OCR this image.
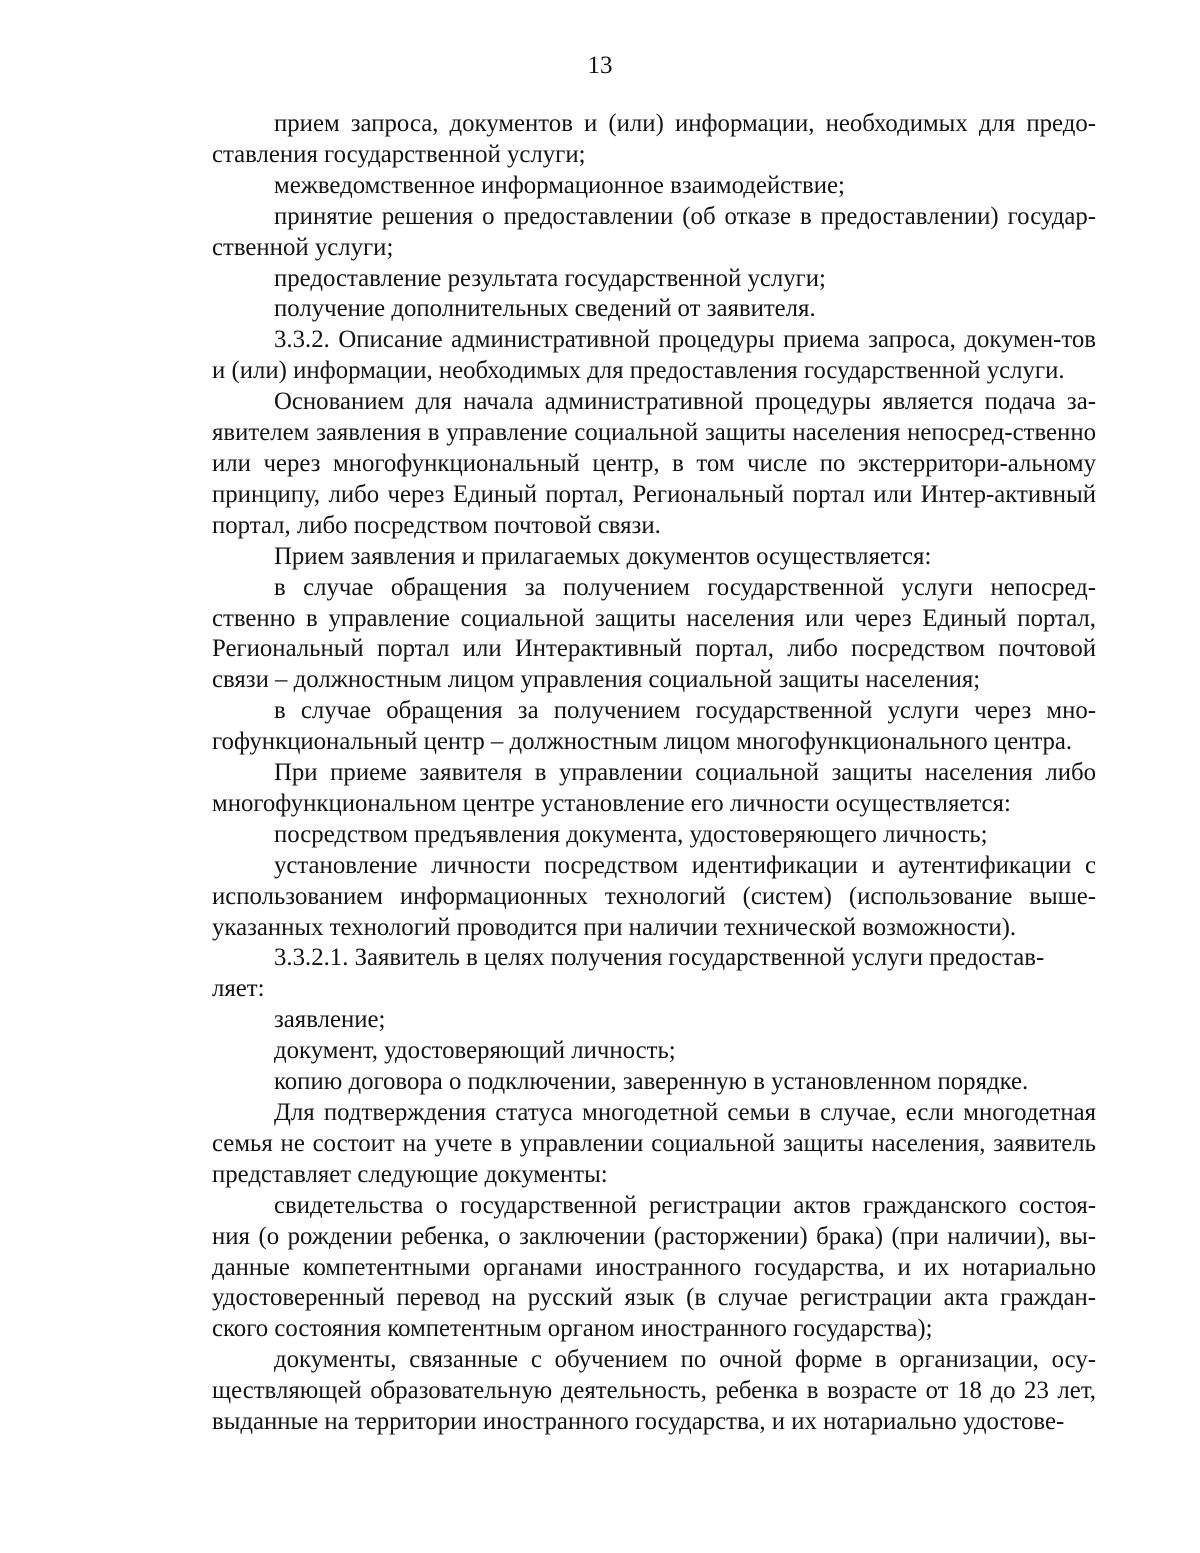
13

прием запроса, документов и (или) информации, необходимых для предо-ставления государственной услуги;

межведомственное информационное взаимодействие;

принятие решения о предоставлении (об отказе в предоставлении) государ-ственной услуги;

предоставление результата государственной услуги;

получение дополнительных сведений от заявителя.

3.3.2. Описание административной процедуры приема запроса, докумен-тов и (или) информации, необходимых для предоставления государственной услуги.

Основанием для начала административной процедуры является подача за-явителем заявления в управление социальной защиты населения непосред-ственно или через многофункциональный центр, в том числе по экстерритори-альному принципу, либо через Единый портал, Региональный портал или Интер-активный портал, либо посредством почтовой связи.

Прием заявления и прилагаемых документов осуществляется:

в случае обращения за получением государственной услуги непосред-ственно в управление социальной защиты населения или через Единый портал, Региональный портал или Интерактивный портал, либо посредством почтовой связи – должностным лицом управления социальной защиты населения;

в случае обращения за получением государственной услуги через мно-гофункциональный центр – должностным лицом многофункционального центра.

При приеме заявителя в управлении социальной защиты населения либо многофункциональном центре установление его личности осуществляется:

посредством предъявления документа, удостоверяющего личность;

установление личности посредством идентификации и аутентификации с использованием информационных технологий (систем) (использование выше-указанных технологий проводится при наличии технической возможности).

3.3.2.1. Заявитель в целях получения государственной услуги предостав-ляет:

заявление;

документ, удостоверяющий личность;

копию договора о подключении, заверенную в установленном порядке.

Для подтверждения статуса многодетной семьи в случае, если многодетная семья не состоит на учете в управлении социальной защиты населения, заявитель представляет следующие документы:

свидетельства о государственной регистрации актов гражданского состоя-ния (о рождении ребенка, о заключении (расторжении) брака) (при наличии), вы-данные компетентными органами иностранного государства, и их нотариально удостоверенный перевод на русский язык (в случае регистрации акта граждан-ского состояния компетентным органом иностранного государства);

документы, связанные с обучением по очной форме в организации, осу-ществляющей образовательную деятельность, ребенка в возрасте от 18 до 23 лет, выданные на территории иностранного государства, и их нотариально удостове-
